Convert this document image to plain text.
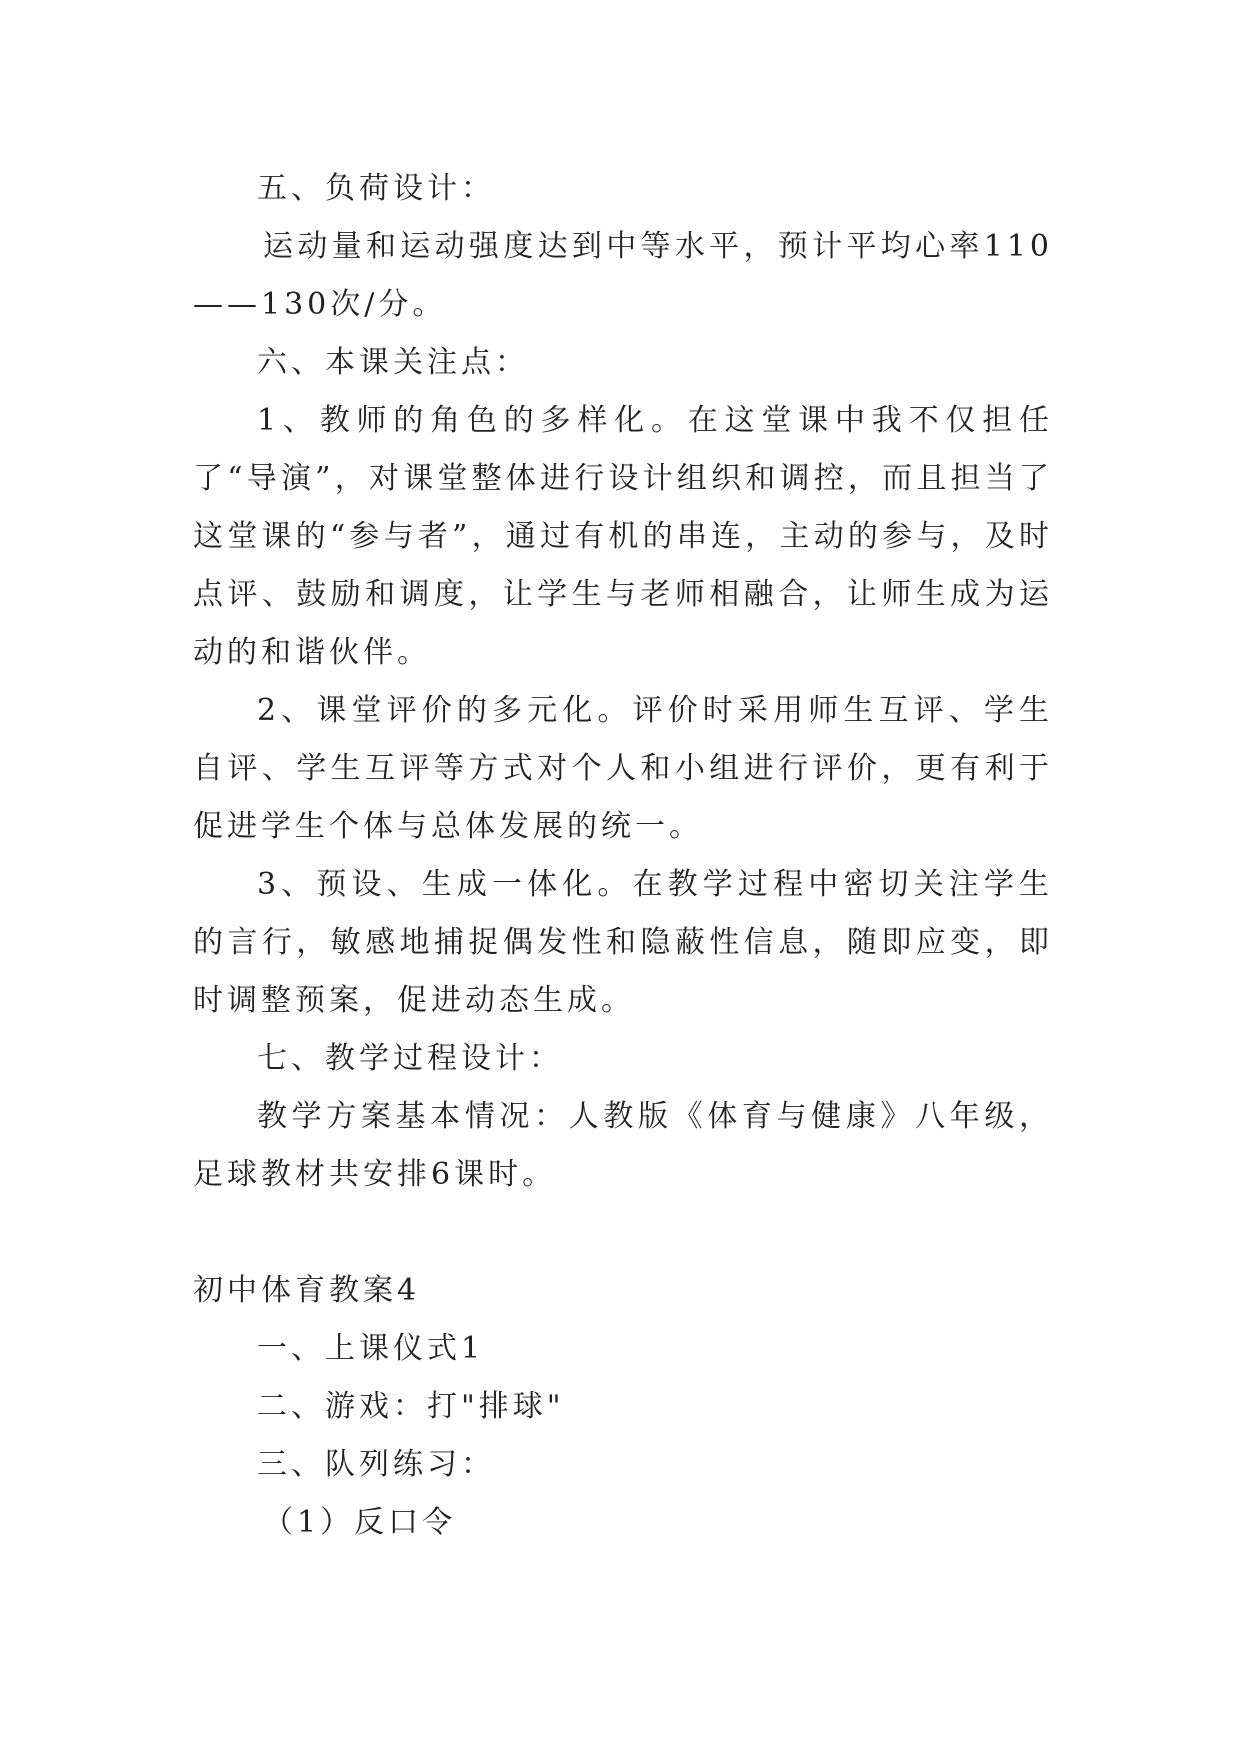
五、负荷设计：

运动量和运动强度达到中等水平，预计平均心率110——130次/分。

六、本课关注点：

1、教师的角色的多样化。在这堂课中我不仅担任了“导演”，对课堂整体进行设计组织和调控，而且担当了这堂课的“参与者”，通过有机的串连，主动的参与，及时点评、鼓励和调度，让学生与老师相融合，让师生成为运动的和谐伙伴。

2、课堂评价的多元化。评价时采用师生互评、学生自评、学生互评等方式对个人和小组进行评价，更有利于促进学生个体与总体发展的统一。

3、预设、生成一体化。在教学过程中密切关注学生的言行，敏感地捕捉偶发性和隐蔽性信息，随即应变，即时调整预案，促进动态生成。

七、教学过程设计：

教学方案基本情况：人教版《体育与健康》八年级，足球教材共安排6课时。

初中体育教案4

一、上课仪式1

二、游戏：打"排球"

三、队列练习：

（1）反口令
